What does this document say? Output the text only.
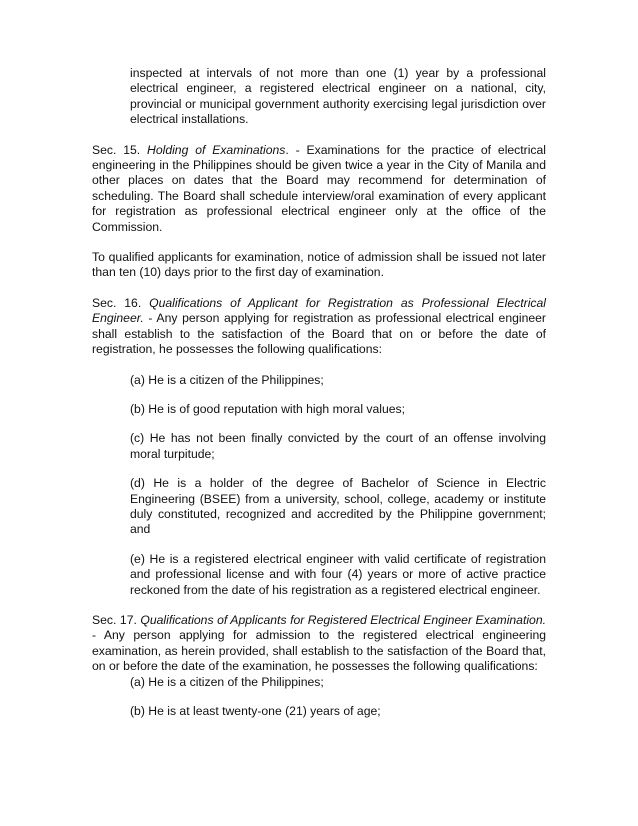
inspected at intervals of not more than one (1) year by a professional electrical engineer, a registered electrical engineer on a national, city, provincial or municipal government authority exercising legal jurisdiction over electrical installations.

Sec. 15. Holding of Examinations. - Examinations for the practice of electrical engineering in the Philippines should be given twice a year in the City of Manila and other places on dates that the Board may recommend for determination of scheduling. The Board shall schedule interview/oral examination of every applicant for registration as professional electrical engineer only at the office of the Commission.

To qualified applicants for examination, notice of admission shall be issued not later than ten (10) days prior to the first day of examination.

Sec. 16. Qualifications of Applicant for Registration as Professional Electrical Engineer. - Any person applying for registration as professional electrical engineer shall establish to the satisfaction of the Board that on or before the date of registration, he possesses the following qualifications:

(a) He is a citizen of the Philippines;

(b) He is of good reputation with high moral values;

(c) He has not been finally convicted by the court of an offense involving moral turpitude;

(d) He is a holder of the degree of Bachelor of Science in Electric Engineering (BSEE) from a university, school, college, academy or institute duly constituted, recognized and accredited by the Philippine government; and

(e) He is a registered electrical engineer with valid certificate of registration and professional license and with four (4) years or more of active practice reckoned from the date of his registration as a registered electrical engineer.

Sec. 17. Qualifications of Applicants for Registered Electrical Engineer Examination. - Any person applying for admission to the registered electrical engineering examination, as herein provided, shall establish to the satisfaction of the Board that, on or before the date of the examination, he possesses the following qualifications:

(a) He is a citizen of the Philippines;

(b) He is at least twenty-one (21) years of age;
